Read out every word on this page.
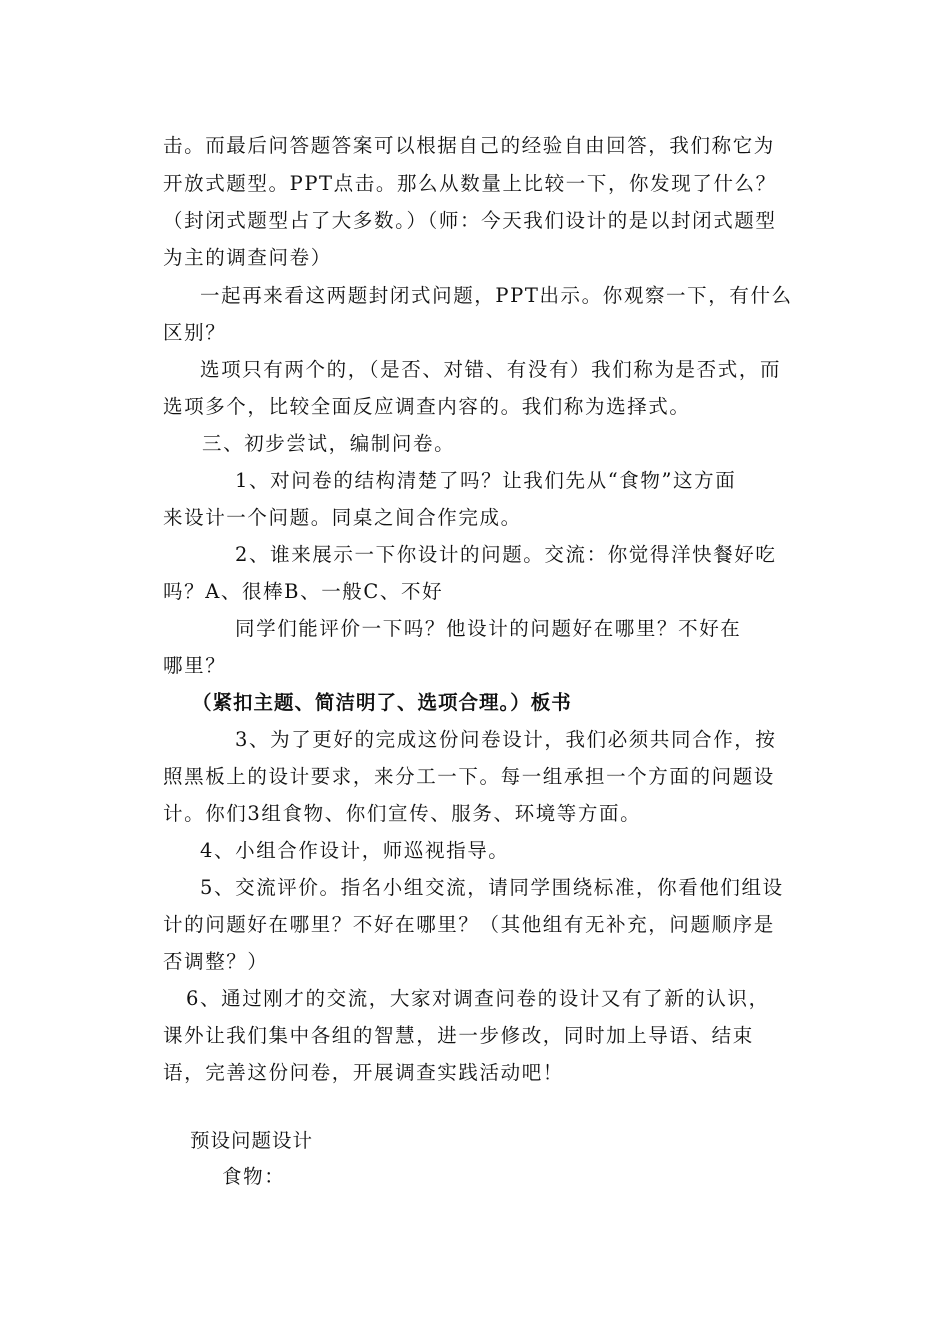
击。而最后问答题答案可以根据自己的经验自由回答，我们称它为
开放式题型。PPT点击。那么从数量上比较一下，你发现了什么？
（封闭式题型占了大多数。）（师：今天我们设计的是以封闭式题型
为主的调查问卷）
一起再来看这两题封闭式问题，PPT出示。你观察一下，有什么
区别？
选项只有两个的，（是否、对错、有没有）我们称为是否式，而
选项多个，比较全面反应调查内容的。我们称为选择式。
三、初步尝试，编制问卷。
1、对问卷的结构清楚了吗？让我们先从“食物”这方面
来设计一个问题。同桌之间合作完成。
2、谁来展示一下你设计的问题。交流：你觉得洋快餐好吃
吗？A、很棒B、一般C、不好
同学们能评价一下吗？他设计的问题好在哪里？不好在
哪里？
（紧扣主题、简洁明了、选项合理。）板书
3、为了更好的完成这份问卷设计，我们必须共同合作，按
照黑板上的设计要求，来分工一下。每一组承担一个方面的问题设
计。你们3组食物、你们宣传、服务、环境等方面。
4、小组合作设计，师巡视指导。
5、交流评价。指名小组交流，请同学围绕标准，你看他们组设
计的问题好在哪里？不好在哪里？（其他组有无补充，问题顺序是
否调整？）
6、通过刚才的交流，大家对调查问卷的设计又有了新的认识，
课外让我们集中各组的智慧，进一步修改，同时加上导语、结束
语，完善这份问卷，开展调查实践活动吧！
预设问题设计
食物：
